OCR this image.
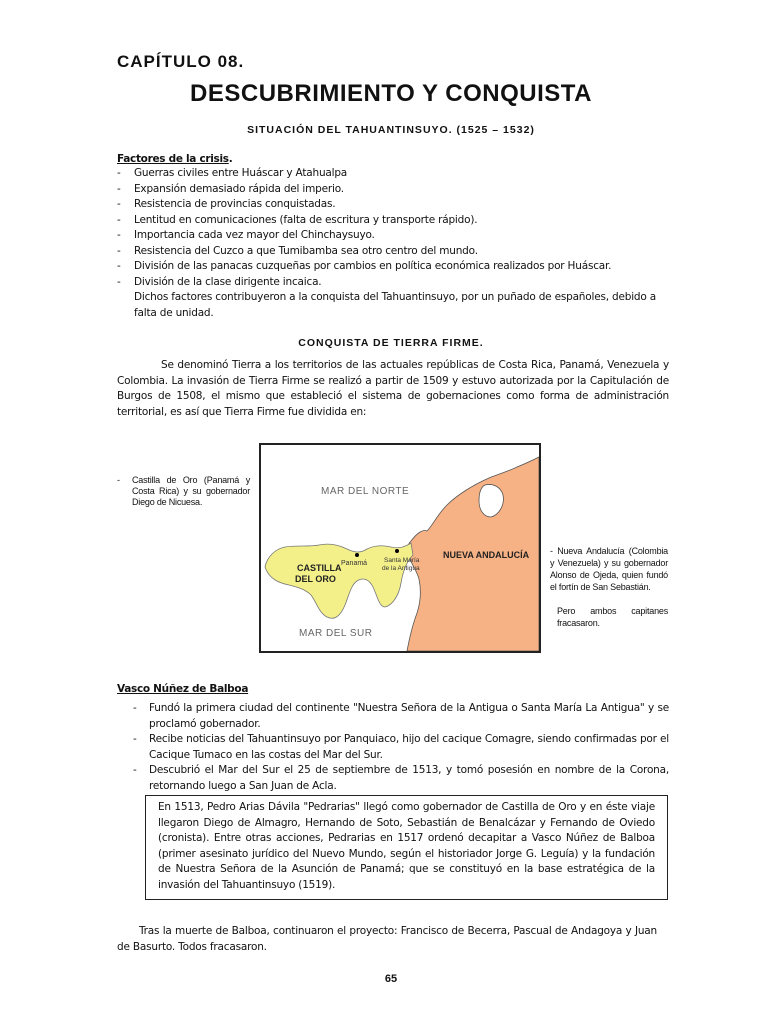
CAPÍTULO 08.
DESCUBRIMIENTO Y CONQUISTA
SITUACIÓN DEL TAHUANTINSUYO. (1525 – 1532)
Factores de la crisis.
- Guerras civiles entre Huáscar y Atahualpa
- Expansión demasiado rápida del imperio.
- Resistencia de provincias conquistadas.
- Lentitud en comunicaciones (falta de escritura y transporte rápido).
- Importancia cada vez mayor del Chinchaysuyo.
- Resistencia del Cuzco a que Tumibamba sea otro centro del mundo.
- División de las panacas cuzqueñas por cambios en política económica realizados por Huáscar.
- División de la clase dirigente incaica.

Dichos factores contribuyeron a la conquista del Tahuantinsuyo, por un puñado de españoles, debido a falta de unidad.

CONQUISTA DE TIERRA FIRME.
Se denominó Tierra a los territorios de las actuales repúblicas de Costa Rica, Panamá, Venezuela y Colombia. La invasión de Tierra Firme se realizó a partir de 1509 y estuvo autorizada por la Capitulación de Burgos de 1508, el mismo que estableció el sistema de gobernaciones como forma de administración territorial, es así que Tierra Firme fue dividida en:
-	Castilla de Oro (Panamá y Costa Rica) y su gobernador Diego de Nicuesa.
MAR DEL NORTE
MAR DEL SUR
CASTILLA
DEL ORO
NUEVA ANDALUCÍA
Panamá	Santa María
de la Antigua
- Nueva Andalucía (Colombia y Venezuela) y su gobernador Alonso de Ojeda, quien fundó el fortín de San Sebastián.
Pero ambos capitanes fracasaron.
Vasco Núñez de Balboa
- Fundó la primera ciudad del continente "Nuestra Señora de la Antigua o Santa María La Antigua" y se proclamó gobernador.
- Recibe noticias del Tahuantinsuyo por Panquiaco, hijo del cacique Comagre, siendo confirmadas por el Cacique Tumaco en las costas del Mar del Sur.
- Descubrió el Mar del Sur el 25 de septiembre de 1513, y tomó posesión en nombre de la Corona, retornando luego a San Juan de Acla.
En 1513, Pedro Arias Dávila "Pedrarias" llegó como gobernador de Castilla de Oro y en éste viaje llegaron Diego de Almagro, Hernando de Soto, Sebastián de Benalcázar y Fernando de Oviedo (cronista). Entre otras acciones, Pedrarias en 1517 ordenó decapitar a Vasco Núñez de Balboa (primer asesinato jurídico del Nuevo Mundo, según el historiador Jorge G. Leguía) y la fundación de Nuestra Señora de la Asunción de Panamá; que se constituyó en la base estratégica de la invasión del Tahuantinsuyo (1519).
Tras la muerte de Balboa, continuaron el proyecto: Francisco de Becerra, Pascual de Andagoya y Juan de Basurto. Todos fracasaron.
65
